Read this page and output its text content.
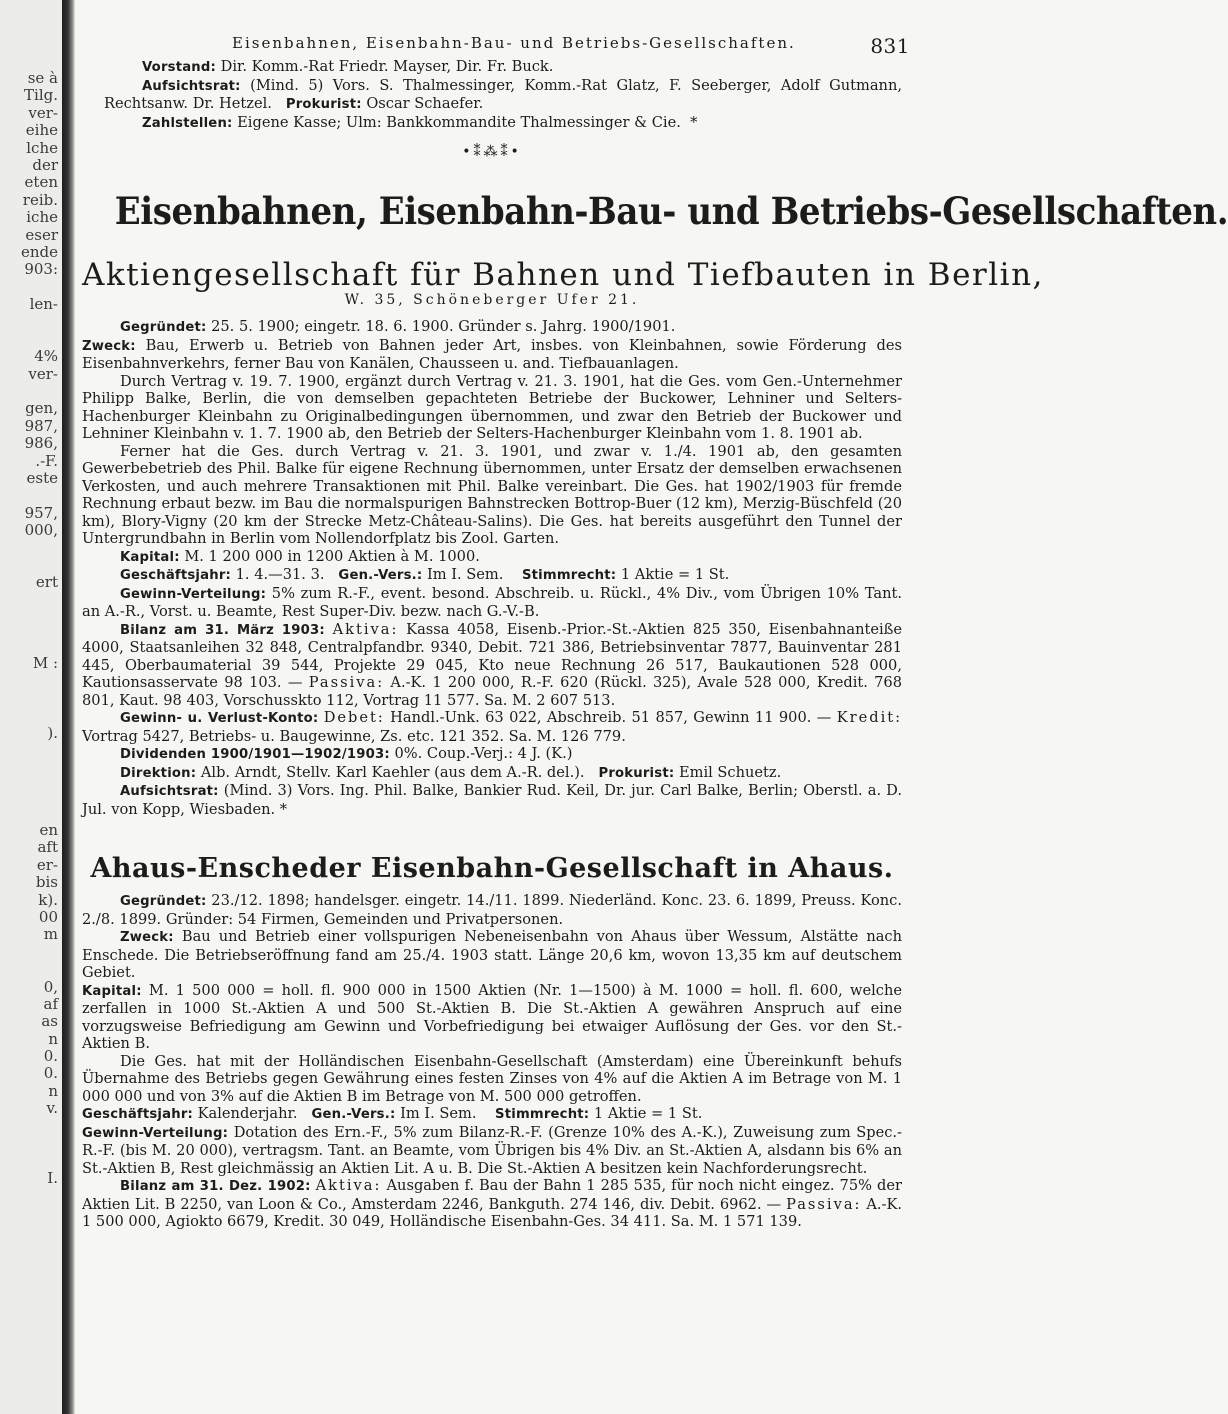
se à
Tilg.
ver-
eihe
lche
der
eten
reib.
iche
eser
ende
903:
len-
4%
ver-
gen,
987,
986,
.-F.
este
957,
000,
ert
M :
).
en
aft
er-
bis
k).
00
m
0,
af
as
n
0.
0.
n
v.
I.
Eisenbahnen, Eisenbahn-Bau- und Betriebs-Gesellschaften.	831

Vorstand: Dir. Komm.-Rat Friedr. Mayser, Dir. Fr. Buck.

Aufsichtsrat: (Mind. 5) Vors. S. Thalmessinger, Komm.-Rat Glatz, F. Seeberger, Adolf Gutmann, Rechtsanw. Dr. Hetzel. Prokurist: Oscar Schaefer.

Zahlstellen: Eigene Kasse; Ulm: Bankkommandite Thalmessinger & Cie. *

•⁑⁂⁑•
Eisenbahnen, Eisenbahn-Bau- und Betriebs-Gesellschaften.
Aktiengesellschaft für Bahnen und Tiefbauten in Berlin,
W. 35, Schöneberger Ufer 21.

Gegründet: 25. 5. 1900; eingetr. 18. 6. 1900. Gründer s. Jahrg. 1900/1901.

Zweck: Bau, Erwerb u. Betrieb von Bahnen jeder Art, insbes. von Kleinbahnen, sowie Förderung des Eisenbahnverkehrs, ferner Bau von Kanälen, Chausseen u. and. Tiefbauanlagen.

Durch Vertrag v. 19. 7. 1900, ergänzt durch Vertrag v. 21. 3. 1901, hat die Ges. vom Gen.-Unternehmer Philipp Balke, Berlin, die von demselben gepachteten Betriebe der Buckower, Lehniner und Selters-Hachenburger Kleinbahn zu Originalbedingungen übernommen, und zwar den Betrieb der Buckower und Lehniner Kleinbahn v. 1. 7. 1900 ab, den Betrieb der Selters-Hachenburger Kleinbahn vom 1. 8. 1901 ab.

Ferner hat die Ges. durch Vertrag v. 21. 3. 1901, und zwar v. 1./4. 1901 ab, den gesamten Gewerbebetrieb des Phil. Balke für eigene Rechnung übernommen, unter Ersatz der demselben erwachsenen Verkosten, und auch mehrere Transaktionen mit Phil. Balke vereinbart. Die Ges. hat 1902/1903 für fremde Rechnung erbaut bezw. im Bau die normalspurigen Bahnstrecken Bottrop-Buer (12 km), Merzig-Büschfeld (20 km), Blory-Vigny (20 km der Strecke Metz-Château-Salins). Die Ges. hat bereits ausgeführt den Tunnel der Untergrundbahn in Berlin vom Nollendorfplatz bis Zool. Garten.

Kapital: M. 1 200 000 in 1200 Aktien à M. 1000.

Geschäftsjahr: 1. 4.—31. 3. Gen.-Vers.: Im I. Sem. Stimmrecht: 1 Aktie = 1 St.

Gewinn-Verteilung: 5% zum R.-F., event. besond. Abschreib. u. Rückl., 4% Div., vom Übrigen 10% Tant. an A.-R., Vorst. u. Beamte, Rest Super-Div. bezw. nach G.-V.-B.

Bilanz am 31. März 1903: Aktiva: Kassa 4058, Eisenb.-Prior.-St.-Aktien 825 350, Eisenbahnanteiße 4000, Staatsanleihen 32 848, Centralpfandbr. 9340, Debit. 721 386, Betriebsinventar 7877, Bauinventar 281 445, Oberbaumaterial 39 544, Projekte 29 045, Kto neue Rechnung 26 517, Baukautionen 528 000, Kautionsasservate 98 103. — Passiva: A.-K. 1 200 000, R.-F. 620 (Rückl. 325), Avale 528 000, Kredit. 768 801, Kaut. 98 403, Vorschusskto 112, Vortrag 11 577. Sa. M. 2 607 513.

Gewinn- u. Verlust-Konto: Debet: Handl.-Unk. 63 022, Abschreib. 51 857, Gewinn 11 900. — Kredit: Vortrag 5427, Betriebs- u. Baugewinne, Zs. etc. 121 352. Sa. M. 126 779.

Dividenden 1900/1901—1902/1903: 0%. Coup.-Verj.: 4 J. (K.)

Direktion: Alb. Arndt, Stellv. Karl Kaehler (aus dem A.-R. del.). Prokurist: Emil Schuetz.

Aufsichtsrat: (Mind. 3) Vors. Ing. Phil. Balke, Bankier Rud. Keil, Dr. jur. Carl Balke, Berlin; Oberstl. a. D. Jul. von Kopp, Wiesbaden. *

Ahaus-Enscheder Eisenbahn-Gesellschaft in Ahaus.

Gegründet: 23./12. 1898; handelsger. eingetr. 14./11. 1899. Niederländ. Konc. 23. 6. 1899, Preuss. Konc. 2./8. 1899. Gründer: 54 Firmen, Gemeinden und Privatpersonen.

Zweck: Bau und Betrieb einer vollspurigen Nebeneisenbahn von Ahaus über Wessum, Alstätte nach Enschede. Die Betriebseröffnung fand am 25./4. 1903 statt. Länge 20,6 km, wovon 13,35 km auf deutschem Gebiet.

Kapital: M. 1 500 000 = holl. fl. 900 000 in 1500 Aktien (Nr. 1—1500) à M. 1000 = holl. fl. 600, welche zerfallen in 1000 St.-Aktien A und 500 St.-Aktien B. Die St.-Aktien A gewähren Anspruch auf eine vorzugsweise Befriedigung am Gewinn und Vorbefriedigung bei etwaiger Auflösung der Ges. vor den St.-Aktien B.

Die Ges. hat mit der Holländischen Eisenbahn-Gesellschaft (Amsterdam) eine Übereinkunft behufs Übernahme des Betriebs gegen Gewährung eines festen Zinses von 4% auf die Aktien A im Betrage von M. 1 000 000 und von 3% auf die Aktien B im Betrage von M. 500 000 getroffen.

Geschäftsjahr: Kalenderjahr. Gen.-Vers.: Im I. Sem. Stimmrecht: 1 Aktie = 1 St.

Gewinn-Verteilung: Dotation des Ern.-F., 5% zum Bilanz-R.-F. (Grenze 10% des A.-K.), Zuweisung zum Spec.-R.-F. (bis M. 20 000), vertragsm. Tant. an Beamte, vom Übrigen bis 4% Div. an St.-Aktien A, alsdann bis 6% an St.-Aktien B, Rest gleichmässig an Aktien Lit. A u. B. Die St.-Aktien A besitzen kein Nachforderungsrecht.

Bilanz am 31. Dez. 1902: Aktiva: Ausgaben f. Bau der Bahn 1 285 535, für noch nicht eingez. 75% der Aktien Lit. B 2250, van Loon & Co., Amsterdam 2246, Bankguth. 274 146, div. Debit. 6962. — Passiva: A.-K. 1 500 000, Agiokto 6679, Kredit. 30 049, Holländische Eisenbahn-Ges. 34 411. Sa. M. 1 571 139.
